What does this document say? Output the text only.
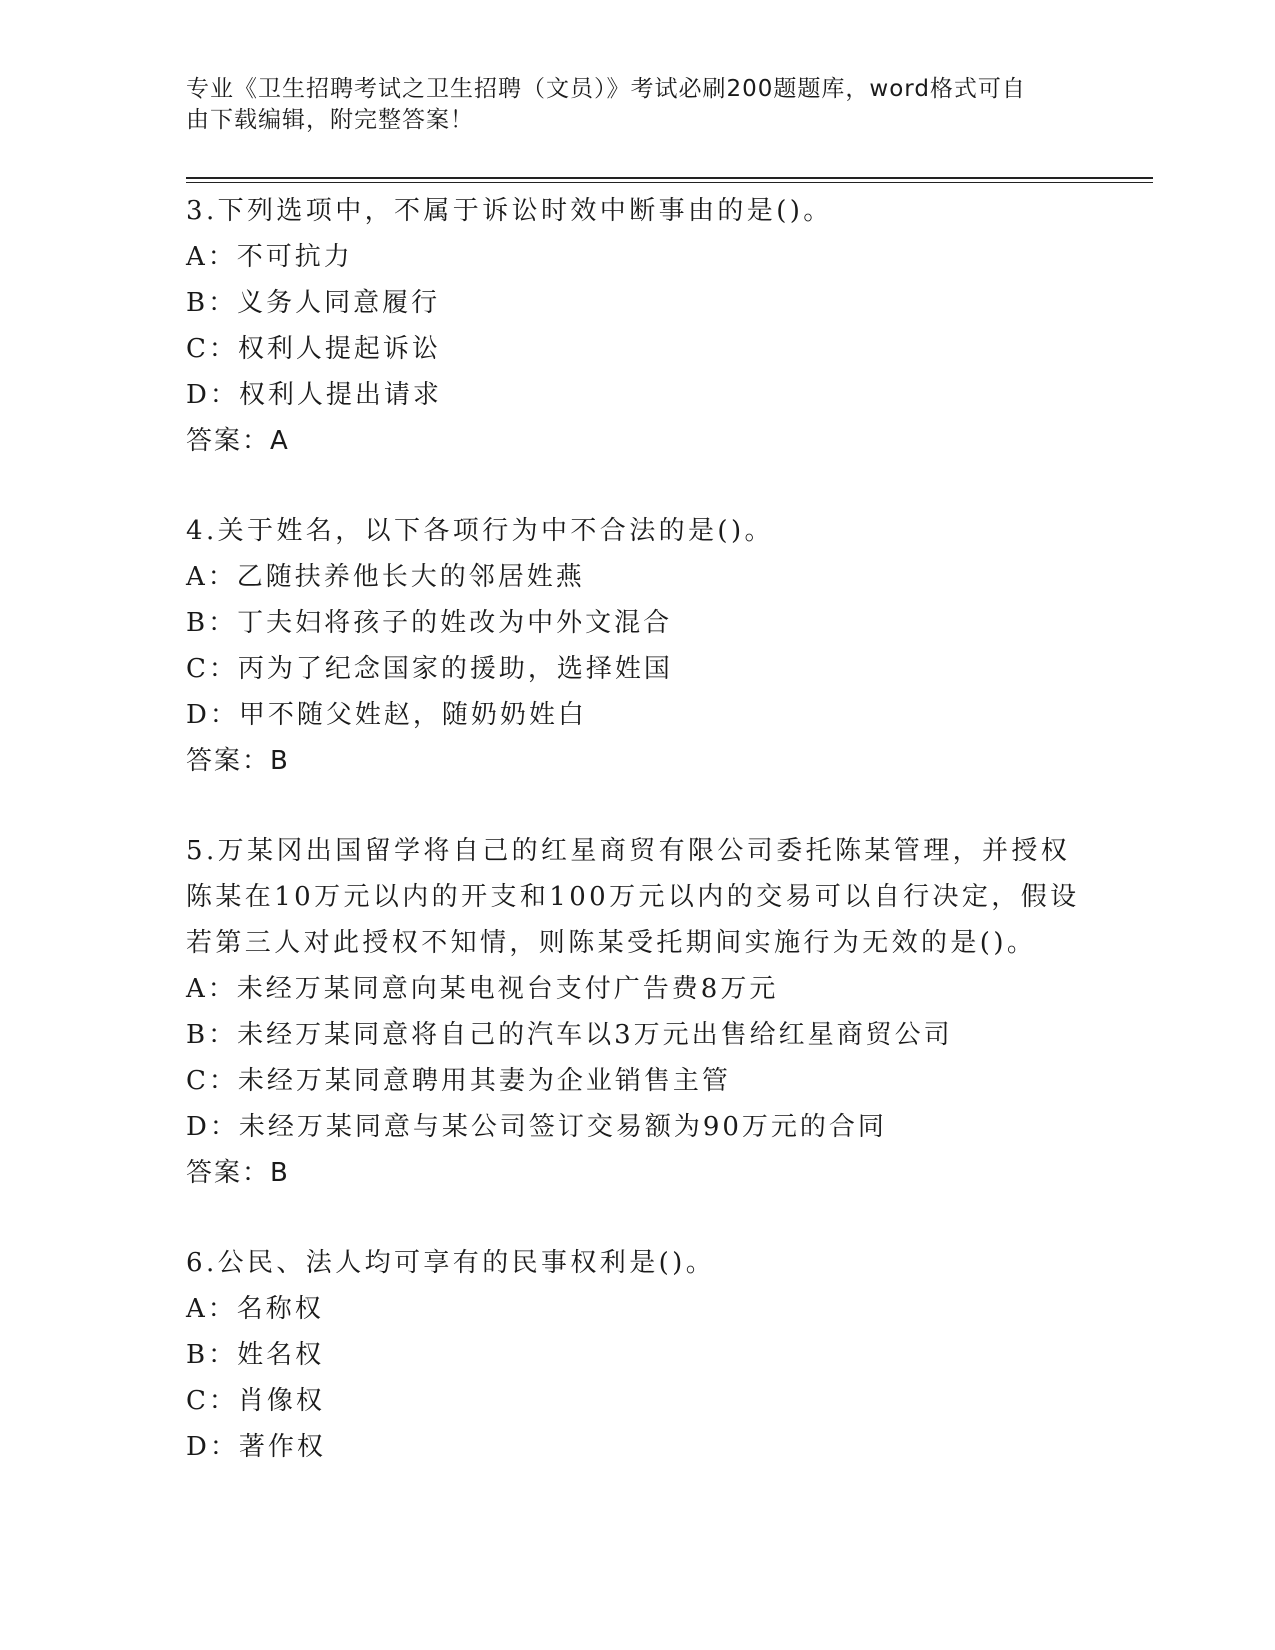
专业《卫生招聘考试之卫生招聘（文员）》考试必刷200题题库，word格式可自
由下载编辑，附完整答案！
3.下列选项中，不属于诉讼时效中断事由的是()。
A：不可抗力
B：义务人同意履行
C：权利人提起诉讼
D：权利人提出请求
答案：A
4.关于姓名，以下各项行为中不合法的是()。
A：乙随扶养他长大的邻居姓燕
B：丁夫妇将孩子的姓改为中外文混合
C：丙为了纪念国家的援助，选择姓国
D：甲不随父姓赵，随奶奶姓白
答案：B
5.万某冈出国留学将自己的红星商贸有限公司委托陈某管理，并授权
陈某在10万元以内的开支和100万元以内的交易可以自行决定，假设
若第三人对此授权不知情，则陈某受托期间实施行为无效的是()。
A：未经万某同意向某电视台支付广告费8万元
B：未经万某同意将自己的汽车以3万元出售给红星商贸公司
C：未经万某同意聘用其妻为企业销售主管
D：未经万某同意与某公司签订交易额为90万元的合同
答案：B
6.公民、法人均可享有的民事权利是()。
A：名称权
B：姓名权
C：肖像权
D：著作权
